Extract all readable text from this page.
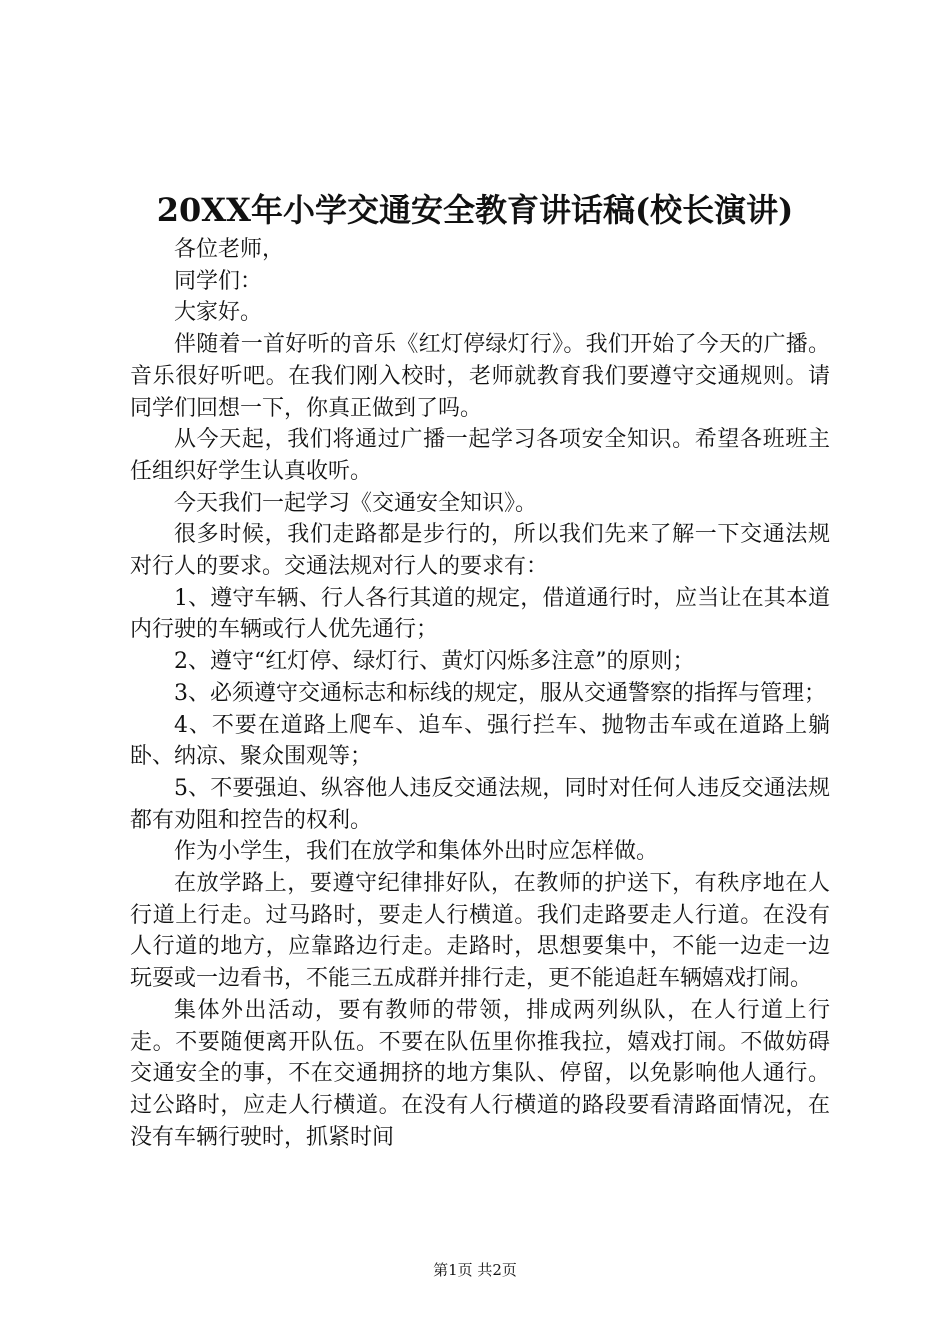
20XX年小学交通安全教育讲话稿(校长演讲)

各位老师，

同学们：

大家好。

伴随着一首好听的音乐《红灯停绿灯行》。我们开始了今天的广播。音乐很好听吧。在我们刚入校时，老师就教育我们要遵守交通规则。请同学们回想一下，你真正做到了吗。

从今天起，我们将通过广播一起学习各项安全知识。希望各班班主任组织好学生认真收听。

今天我们一起学习《交通安全知识》。

很多时候，我们走路都是步行的，所以我们先来了解一下交通法规对行人的要求。交通法规对行人的要求有：

1、遵守车辆、行人各行其道的规定，借道通行时，应当让在其本道内行驶的车辆或行人优先通行；

2、遵守“红灯停、绿灯行、黄灯闪烁多注意”的原则；

3、必须遵守交通标志和标线的规定，服从交通警察的指挥与管理；

4、不要在道路上爬车、追车、强行拦车、抛物击车或在道路上躺卧、纳凉、聚众围观等；

5、不要强迫、纵容他人违反交通法规，同时对任何人违反交通法规都有劝阻和控告的权利。

作为小学生，我们在放学和集体外出时应怎样做。

在放学路上，要遵守纪律排好队，在教师的护送下，有秩序地在人行道上行走。过马路时，要走人行横道。我们走路要走人行道。在没有人行道的地方，应靠路边行走。走路时，思想要集中，不能一边走一边玩耍或一边看书，不能三五成群并排行走，更不能追赶车辆嬉戏打闹。

集体外出活动，要有教师的带领，排成两列纵队，在人行道上行走。不要随便离开队伍。不要在队伍里你推我拉，嬉戏打闹。不做妨碍交通安全的事，不在交通拥挤的地方集队、停留，以免影响他人通行。过公路时，应走人行横道。在没有人行横道的路段要看清路面情况，在没有车辆行驶时，抓紧时间

第1页 共2页
